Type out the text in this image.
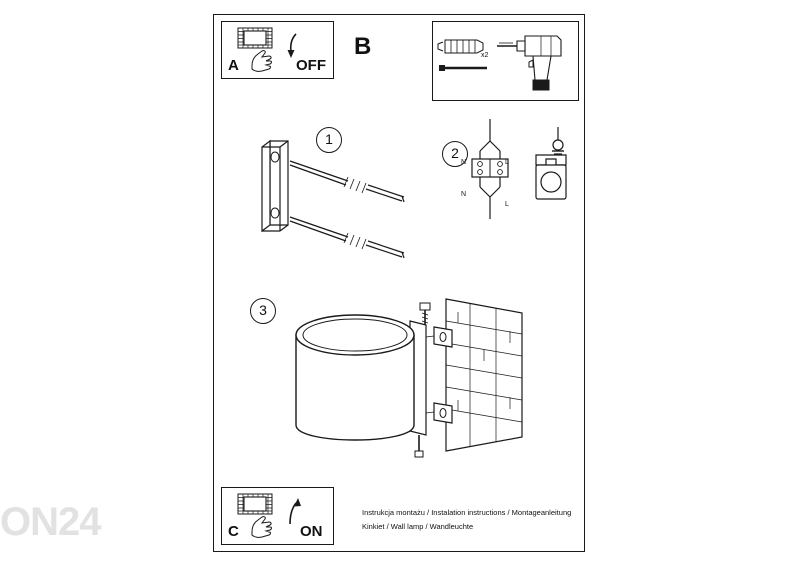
ON24
A	OFF
B	x2
1
2
N	L
N
L
3
C	ON
Instrukcja montażu / Instalation instructions / Montageanleitung
Kinkiet / Wall lamp / Wandleuchte
